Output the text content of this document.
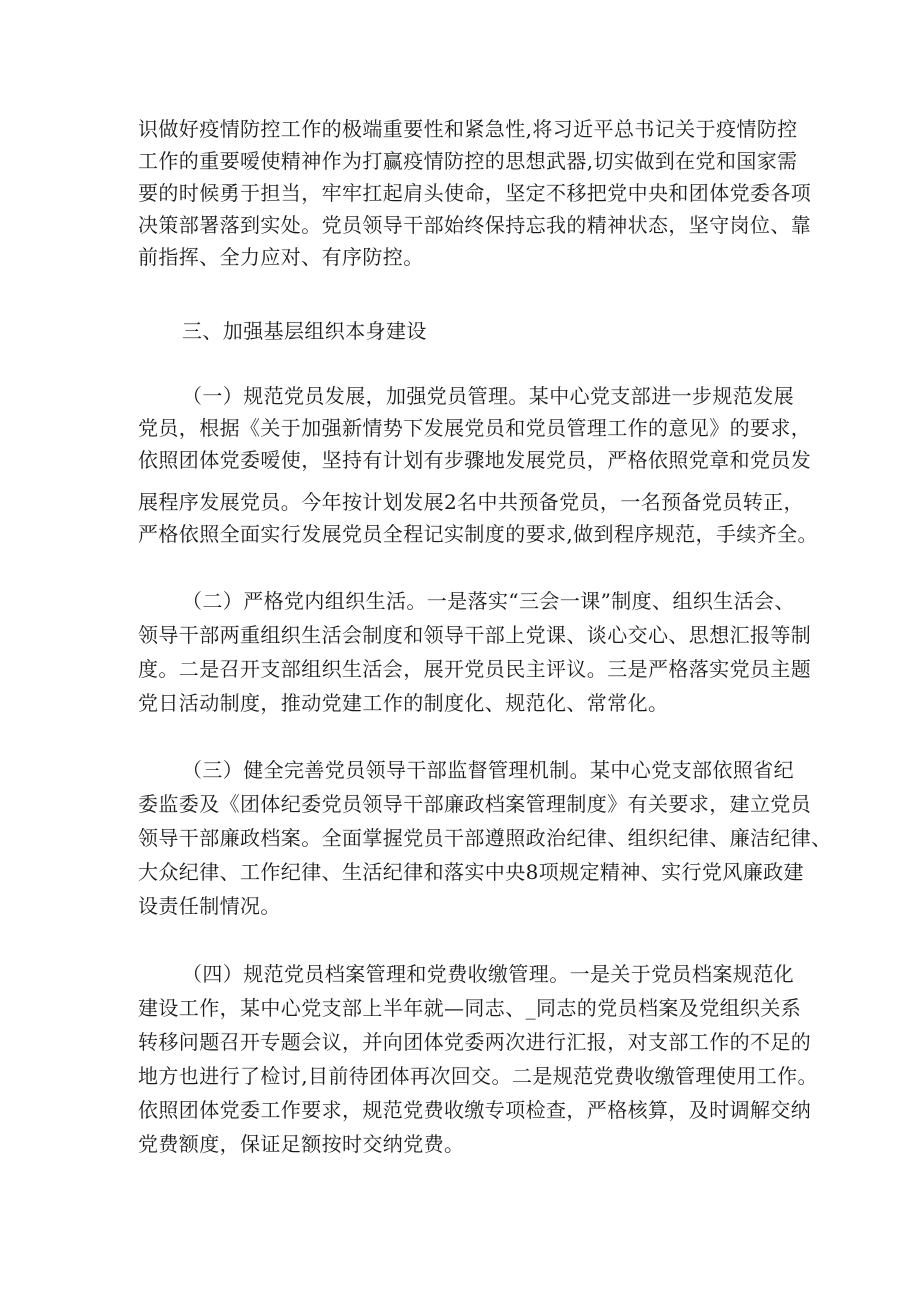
识做好疫情防控工作的极端重要性和紧急性,将习近平总书记关于疫情防控
工作的重要嗳使精神作为打赢疫情防控的思想武器,切实做到在党和国家需
要的时候勇于担当，牢牢扛起肩头使命，坚定不移把党中央和团体党委各项
决策部署落到实处。党员领导干部始终保持忘我的精神状态，坚守岗位、靠
前指挥、全力应对、有序防控。
三、加强基层组织本身建设
（一）规范党员发展，加强党员管理。某中心党支部进一步规范发展
党员，根据《关于加强新情势下发展党员和党员管理工作的意见》的要求，
依照团体党委嗳使，坚持有计划有步骤地发展党员，严格依照党章和党员发
展程序发展党员。今年按计划发展2名中共预备党员，一名预备党员转正，
严格依照全面实行发展党员全程记实制度的要求,做到程序规范，手续齐全。
（二）严格党内组织生活。一是落实“三会一课”制度、组织生活会、
领导干部两重组织生活会制度和领导干部上党课、谈心交心、思想汇报等制
度。二是召开支部组织生活会，展开党员民主评议。三是严格落实党员主题
党日活动制度，推动党建工作的制度化、规范化、常常化。
（三）健全完善党员领导干部监督管理机制。某中心党支部依照省纪
委监委及《团体纪委党员领导干部廉政档案管理制度》有关要求，建立党员
领导干部廉政档案。全面掌握党员干部遵照政治纪律、组织纪律、廉洁纪律、
大众纪律、工作纪律、生活纪律和落实中央8项规定精神、实行党风廉政建
设责任制情况。
（四）规范党员档案管理和党费收缴管理。一是关于党员档案规范化
建设工作，某中心党支部上半年就—同志、_同志的党员档案及党组织关系
转移问题召开专题会议，并向团体党委两次进行汇报，对支部工作的不足的
地方也进行了检讨,目前待团体再次回交。二是规范党费收缴管理使用工作。
依照团体党委工作要求，规范党费收缴专项检查，严格核算，及时调解交纳
党费额度，保证足额按时交纳党费。
